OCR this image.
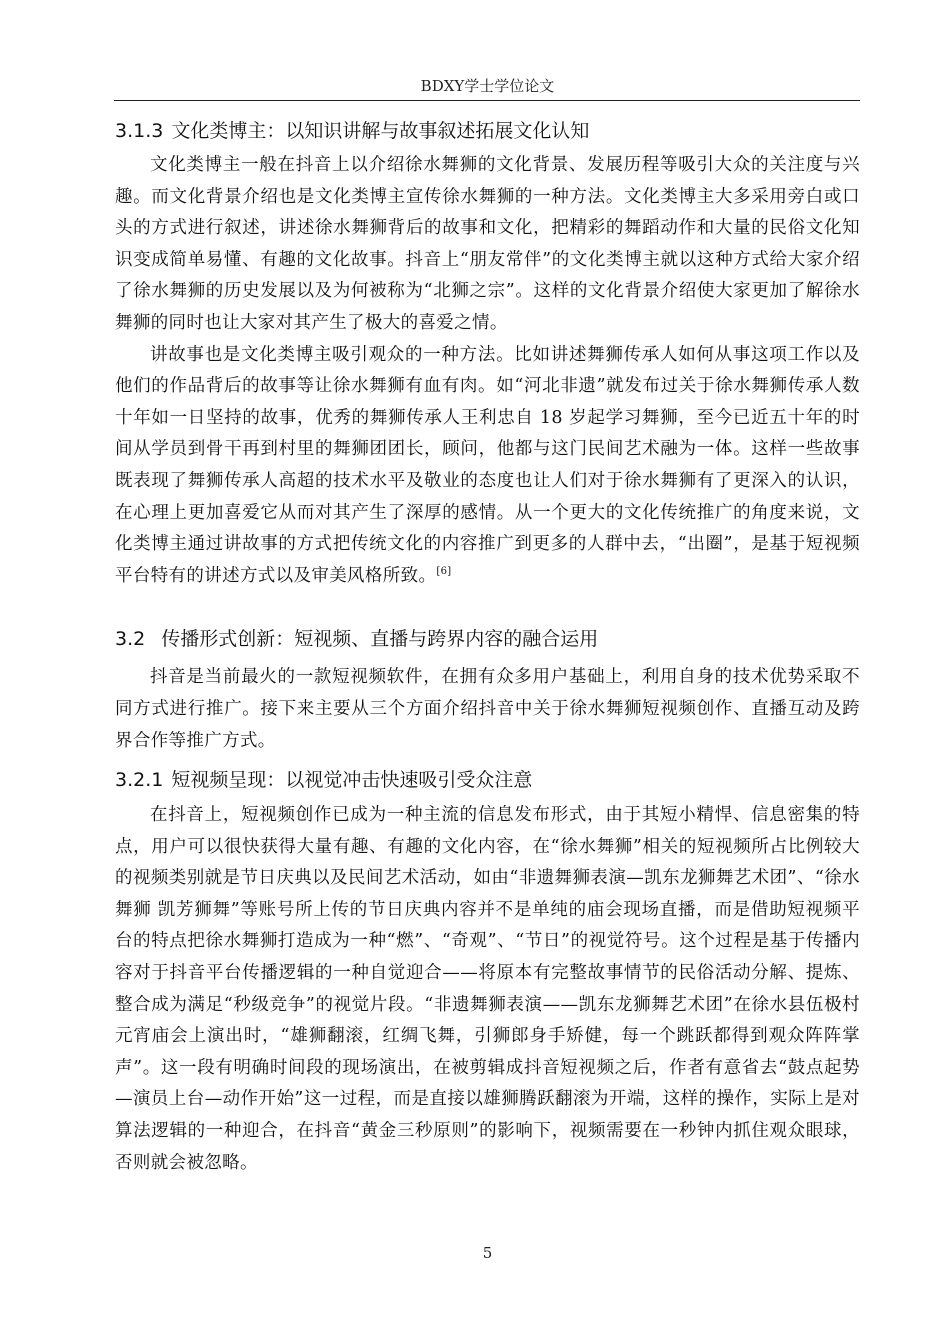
BDXY学士学位论文
3.1.3 文化类博主：以知识讲解与故事叙述拓展文化认知

文化类博主一般在抖音上以介绍徐水舞狮的文化背景、发展历程等吸引大众的关注度与兴趣。而文化背景介绍也是文化类博主宣传徐水舞狮的一种方法。文化类博主大多采用旁白或口头的方式进行叙述，讲述徐水舞狮背后的故事和文化，把精彩的舞蹈动作和大量的民俗文化知识变成简单易懂、有趣的文化故事。抖音上“朋友常伴”的文化类博主就以这种方式给大家介绍了徐水舞狮的历史发展以及为何被称为“北狮之宗”。这样的文化背景介绍使大家更加了解徐水舞狮的同时也让大家对其产生了极大的喜爱之情。

讲故事也是文化类博主吸引观众的一种方法。比如讲述舞狮传承人如何从事这项工作以及他们的作品背后的故事等让徐水舞狮有血有肉。如“河北非遗”就发布过关于徐水舞狮传承人数十年如一日坚持的故事，优秀的舞狮传承人王利忠自 18 岁起学习舞狮，至今已近五十年的时间从学员到骨干再到村里的舞狮团团长，顾问，他都与这门民间艺术融为一体。这样一些故事既表现了舞狮传承人高超的技术水平及敬业的态度也让人们对于徐水舞狮有了更深入的认识，在心理上更加喜爱它从而对其产生了深厚的感情。从一个更大的文化传统推广的角度来说，文化类博主通过讲故事的方式把传统文化的内容推广到更多的人群中去，“出圈”，是基于短视频平台特有的讲述方式以及审美风格所致。[6]

3.2 传播形式创新：短视频、直播与跨界内容的融合运用

抖音是当前最火的一款短视频软件，在拥有众多用户基础上，利用自身的技术优势采取不同方式进行推广。接下来主要从三个方面介绍抖音中关于徐水舞狮短视频创作、直播互动及跨界合作等推广方式。

3.2.1 短视频呈现：以视觉冲击快速吸引受众注意

在抖音上，短视频创作已成为一种主流的信息发布形式，由于其短小精悍、信息密集的特点，用户可以很快获得大量有趣、有趣的文化内容，在“徐水舞狮”相关的短视频所占比例较大的视频类别就是节日庆典以及民间艺术活动，如由“非遗舞狮表演—凯东龙狮舞艺术团”、“徐水舞狮 凯芳狮舞”等账号所上传的节日庆典内容并不是单纯的庙会现场直播，而是借助短视频平台的特点把徐水舞狮打造成为一种“燃”、“奇观”、“节日”的视觉符号。这个过程是基于传播内容对于抖音平台传播逻辑的一种自觉迎合——将原本有完整故事情节的民俗活动分解、提炼、整合成为满足“秒级竞争”的视觉片段。“非遗舞狮表演——凯东龙狮舞艺术团”在徐水县伍极村元宵庙会上演出时，“雄狮翻滚，红绸飞舞，引狮郎身手矫健，每一个跳跃都得到观众阵阵掌声”。这一段有明确时间段的现场演出，在被剪辑成抖音短视频之后，作者有意省去“鼓点起势—演员上台—动作开始”这一过程，而是直接以雄狮腾跃翻滚为开端，这样的操作，实际上是对算法逻辑的一种迎合，在抖音“黄金三秒原则”的影响下，视频需要在一秒钟内抓住观众眼球，否则就会被忽略。

5
